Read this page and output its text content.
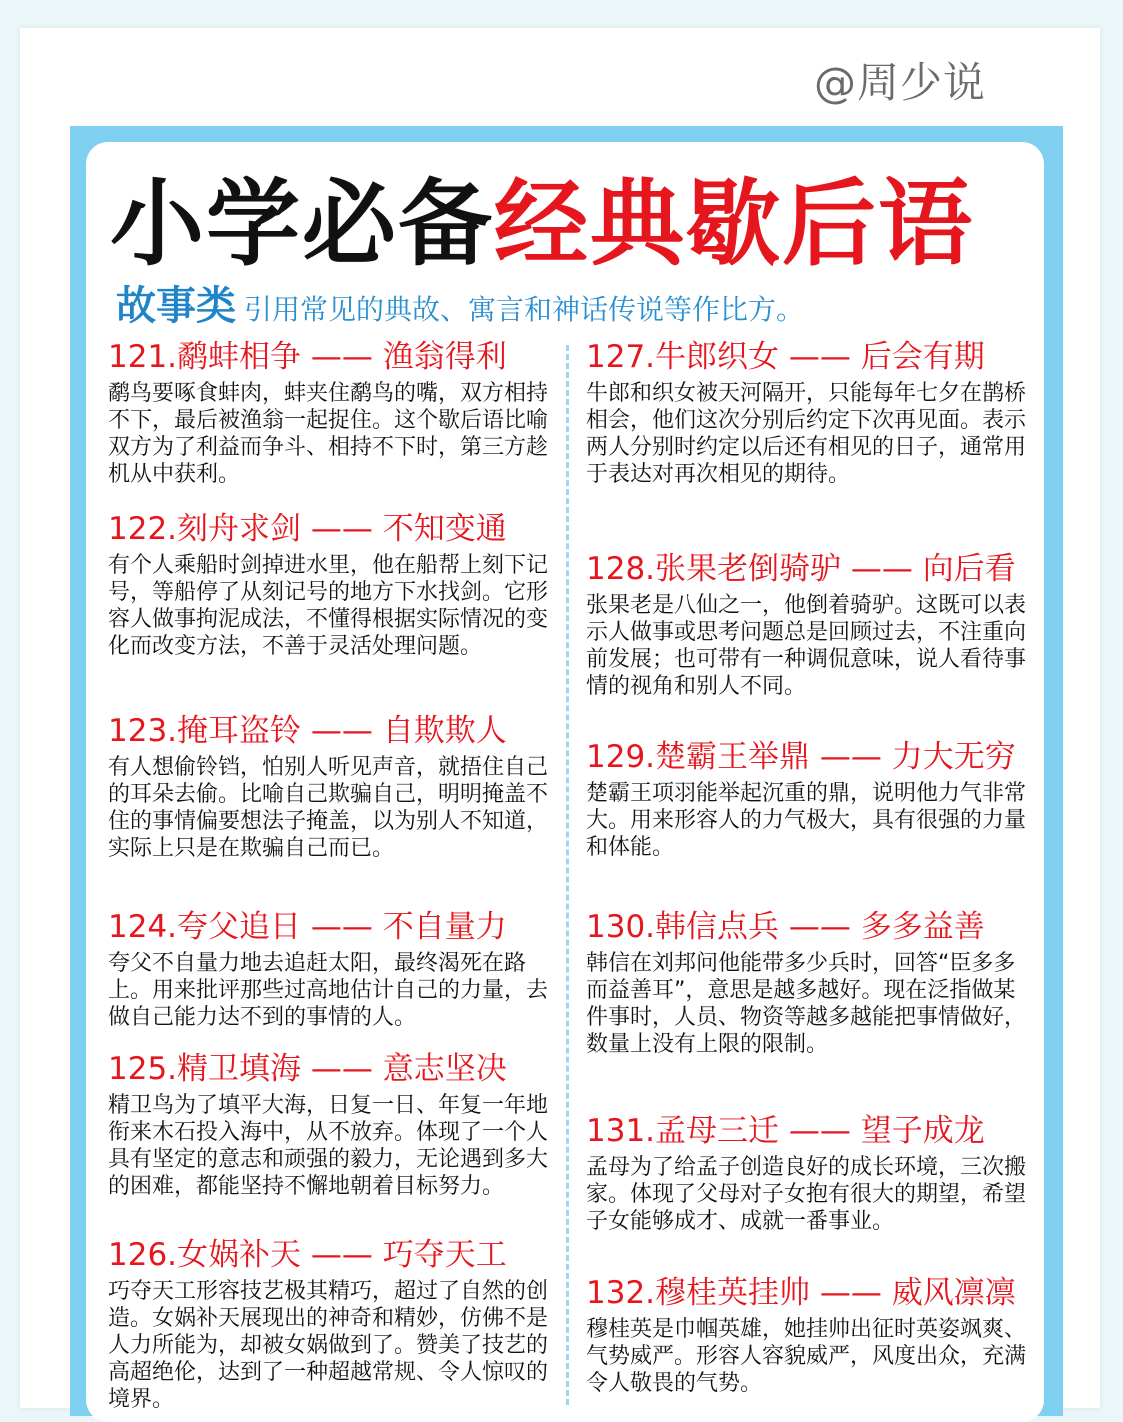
@周少说
小学必备经典歇后语
故事类 引用常见的典故、寓言和神话传说等作比方。
121.鹬蚌相争 —— 渔翁得利
鹬鸟要啄食蚌肉，蚌夹住鹬鸟的嘴，双方相持不下，最后被渔翁一起捉住。这个歇后语比喻双方为了利益而争斗、相持不下时，第三方趁机从中获利。
122.刻舟求剑 —— 不知变通
有个人乘船时剑掉进水里，他在船帮上刻下记号，等船停了从刻记号的地方下水找剑。它形容人做事拘泥成法，不懂得根据实际情况的变化而改变方法，不善于灵活处理问题。
123.掩耳盗铃 —— 自欺欺人
有人想偷铃铛，怕别人听见声音，就捂住自己的耳朵去偷。比喻自己欺骗自己，明明掩盖不住的事情偏要想法子掩盖，以为别人不知道，实际上只是在欺骗自己而已。
124.夸父追日 —— 不自量力
夸父不自量力地去追赶太阳，最终渴死在路上。用来批评那些过高地估计自己的力量，去做自己能力达不到的事情的人。
125.精卫填海 —— 意志坚决
精卫鸟为了填平大海，日复一日、年复一年地衔来木石投入海中，从不放弃。体现了一个人具有坚定的意志和顽强的毅力，无论遇到多大的困难，都能坚持不懈地朝着目标努力。
126.女娲补天 —— 巧夺天工
巧夺天工形容技艺极其精巧，超过了自然的创造。女娲补天展现出的神奇和精妙，仿佛不是人力所能为，却被女娲做到了。赞美了技艺的高超绝伦，达到了一种超越常规、令人惊叹的境界。
127.牛郎织女 —— 后会有期
牛郎和织女被天河隔开，只能每年七夕在鹊桥相会，他们这次分别后约定下次再见面。表示两人分别时约定以后还有相见的日子，通常用于表达对再次相见的期待。
128.张果老倒骑驴 —— 向后看
张果老是八仙之一，他倒着骑驴。这既可以表示人做事或思考问题总是回顾过去，不注重向前发展；也可带有一种调侃意味，说人看待事情的视角和别人不同。
129.楚霸王举鼎 —— 力大无穷
楚霸王项羽能举起沉重的鼎，说明他力气非常大。用来形容人的力气极大，具有很强的力量和体能。
130.韩信点兵 —— 多多益善
韩信在刘邦问他能带多少兵时，回答“臣多多而益善耳”，意思是越多越好。现在泛指做某件事时，人员、物资等越多越能把事情做好，数量上没有上限的限制。
131.孟母三迁 —— 望子成龙
孟母为了给孟子创造良好的成长环境，三次搬家。体现了父母对子女抱有很大的期望，希望子女能够成才、成就一番事业。
132.穆桂英挂帅 —— 威风凛凛
穆桂英是巾帼英雄，她挂帅出征时英姿飒爽、气势威严。形容人容貌威严，风度出众，充满令人敬畏的气势。
